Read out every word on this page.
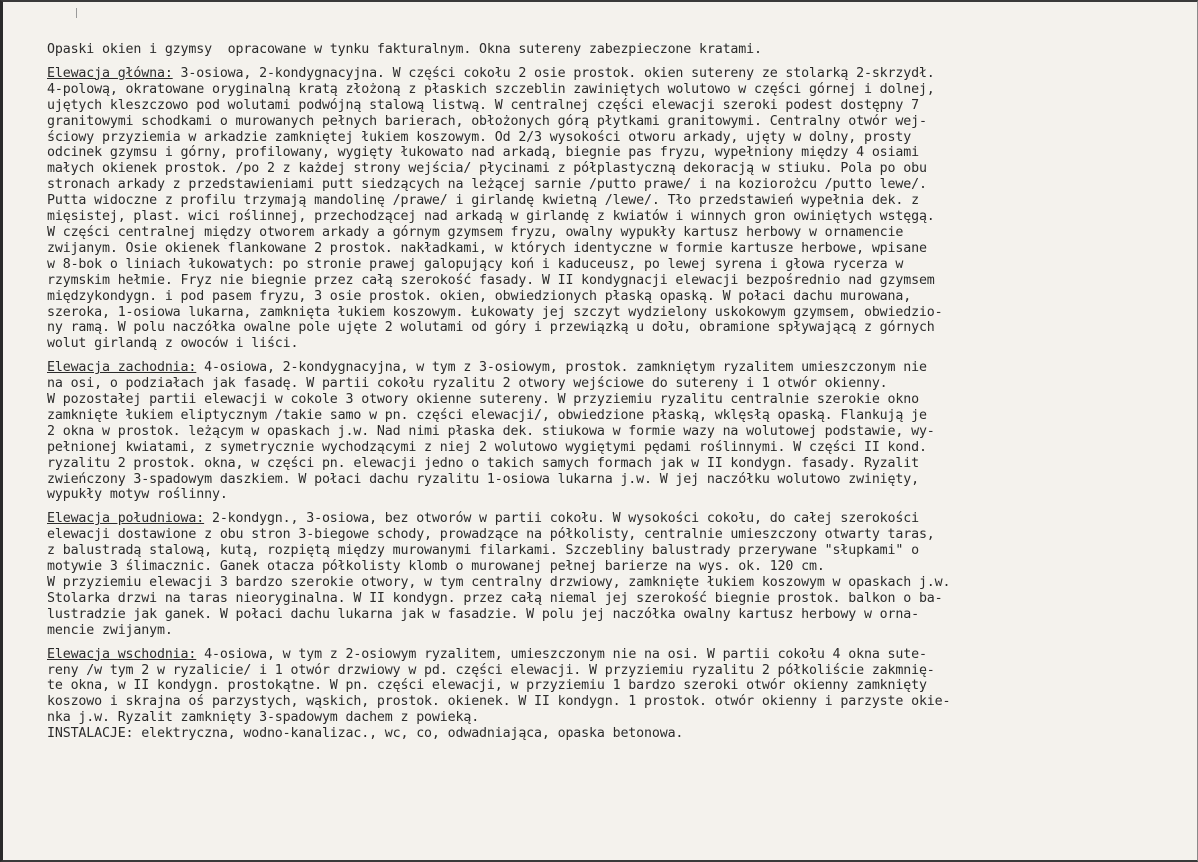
Opaski okien i gzymsy  opracowane w tynku fakturalnym. Okna sutereny zabezpieczone kratami.
Elewacja główna: 3-osiowa, 2-kondygnacyjna. W części cokołu 2 osie prostok. okien sutereny ze stolarką 2-skrzydł.
4-polową, okratowane oryginalną kratą złożoną z płaskich szczeblin zawiniętych wolutowo w części górnej i dolnej,
ujętych kleszczowo pod wolutami podwójną stalową listwą. W centralnej części elewacji szeroki podest dostępny 7
granitowymi schodkami o murowanych pełnych barierach, obłożonych górą płytkami granitowymi. Centralny otwór wej-
ściowy przyziemia w arkadzie zamkniętej łukiem koszowym. Od 2/3 wysokości otworu arkady, ujęty w dolny, prosty
odcinek gzymsu i górny, profilowany, wygięty łukowato nad arkadą, biegnie pas fryzu, wypełniony między 4 osiami
małych okienek prostok. /po 2 z każdej strony wejścia/ płycinami z półplastyczną dekoracją w stiuku. Pola po obu
stronach arkady z przedstawieniami putt siedzących na leżącej sarnie /putto prawe/ i na koziorożcu /putto lewe/.
Putta widoczne z profilu trzymają mandolinę /prawe/ i girlandę kwietną /lewe/. Tło przedstawień wypełnia dek. z
mięsistej, plast. wici roślinnej, przechodzącej nad arkadą w girlandę z kwiatów i winnych gron owiniętych wstęgą.
W części centralnej między otworem arkady a górnym gzymsem fryzu, owalny wypukły kartusz herbowy w ornamencie
zwijanym. Osie okienek flankowane 2 prostok. nakładkami, w których identyczne w formie kartusze herbowe, wpisane
w 8-bok o liniach łukowatych: po stronie prawej galopujący koń i kaduceusz, po lewej syrena i głowa rycerza w
rzymskim hełmie. Fryz nie biegnie przez całą szerokość fasady. W II kondygnacji elewacji bezpośrednio nad gzymsem
międzykondygn. i pod pasem fryzu, 3 osie prostok. okien, obwiedzionych płaską opaską. W połaci dachu murowana,
szeroka, 1-osiowa lukarna, zamknięta łukiem koszowym. Łukowaty jej szczyt wydzielony uskokowym gzymsem, obwiedzio-
ny ramą. W polu naczółka owalne pole ujęte 2 wolutami od góry i przewiązką u dołu, obramione spływającą z górnych
wolut girlandą z owoców i liści.
Elewacja zachodnia: 4-osiowa, 2-kondygnacyjna, w tym z 3-osiowym, prostok. zamkniętym ryzalitem umieszczonym nie
na osi, o podziałach jak fasadę. W partii cokołu ryzalitu 2 otwory wejściowe do sutereny i 1 otwór okienny.
W pozostałej partii elewacji w cokole 3 otwory okienne sutereny. W przyziemiu ryzalitu centralnie szerokie okno
zamknięte łukiem eliptycznym /takie samo w pn. części elewacji/, obwiedzione płaską, wklęsłą opaską. Flankują je
2 okna w prostok. leżącym w opaskach j.w. Nad nimi płaska dek. stiukowa w formie wazy na wolutowej podstawie, wy-
pełnionej kwiatami, z symetrycznie wychodzącymi z niej 2 wolutowo wygiętymi pędami roślinnymi. W części II kond.
ryzalitu 2 prostok. okna, w części pn. elewacji jedno o takich samych formach jak w II kondygn. fasady. Ryzalit
zwieńczony 3-spadowym daszkiem. W połaci dachu ryzalitu 1-osiowa lukarna j.w. W jej naczółku wolutowo zwinięty,
wypukły motyw roślinny.
Elewacja południowa: 2-kondygn., 3-osiowa, bez otworów w partii cokołu. W wysokości cokołu, do całej szerokości
elewacji dostawione z obu stron 3-biegowe schody, prowadzące na półkolisty, centralnie umieszczony otwarty taras,
z balustradą stalową, kutą, rozpiętą między murowanymi filarkami. Szczebliny balustrady przerywane "słupkami" o
motywie 3 ślimacznic. Ganek otacza półkolisty klomb o murowanej pełnej barierze na wys. ok. 120 cm.
W przyziemiu elewacji 3 bardzo szerokie otwory, w tym centralny drzwiowy, zamknięte łukiem koszowym w opaskach j.w.
Stolarka drzwi na taras nieoryginalna. W II kondygn. przez całą niemal jej szerokość biegnie prostok. balkon o ba-
lustradzie jak ganek. W połaci dachu lukarna jak w fasadzie. W polu jej naczółka owalny kartusz herbowy w orna-
mencie zwijanym.
Elewacja wschodnia: 4-osiowa, w tym z 2-osiowym ryzalitem, umieszczonym nie na osi. W partii cokołu 4 okna sute-
reny /w tym 2 w ryzalicie/ i 1 otwór drzwiowy w pd. części elewacji. W przyziemiu ryzalitu 2 półkoliście zakmnię-
te okna, w II kondygn. prostokątne. W pn. części elewacji, w przyziemiu 1 bardzo szeroki otwór okienny zamknięty
koszowo i skrajna oś parzystych, wąskich, prostok. okienek. W II kondygn. 1 prostok. otwór okienny i parzyste okie-
nka j.w. Ryzalit zamknięty 3-spadowym dachem z powieką.
INSTALACJE: elektryczna, wodno-kanalizac., wc, co, odwadniająca, opaska betonowa.
